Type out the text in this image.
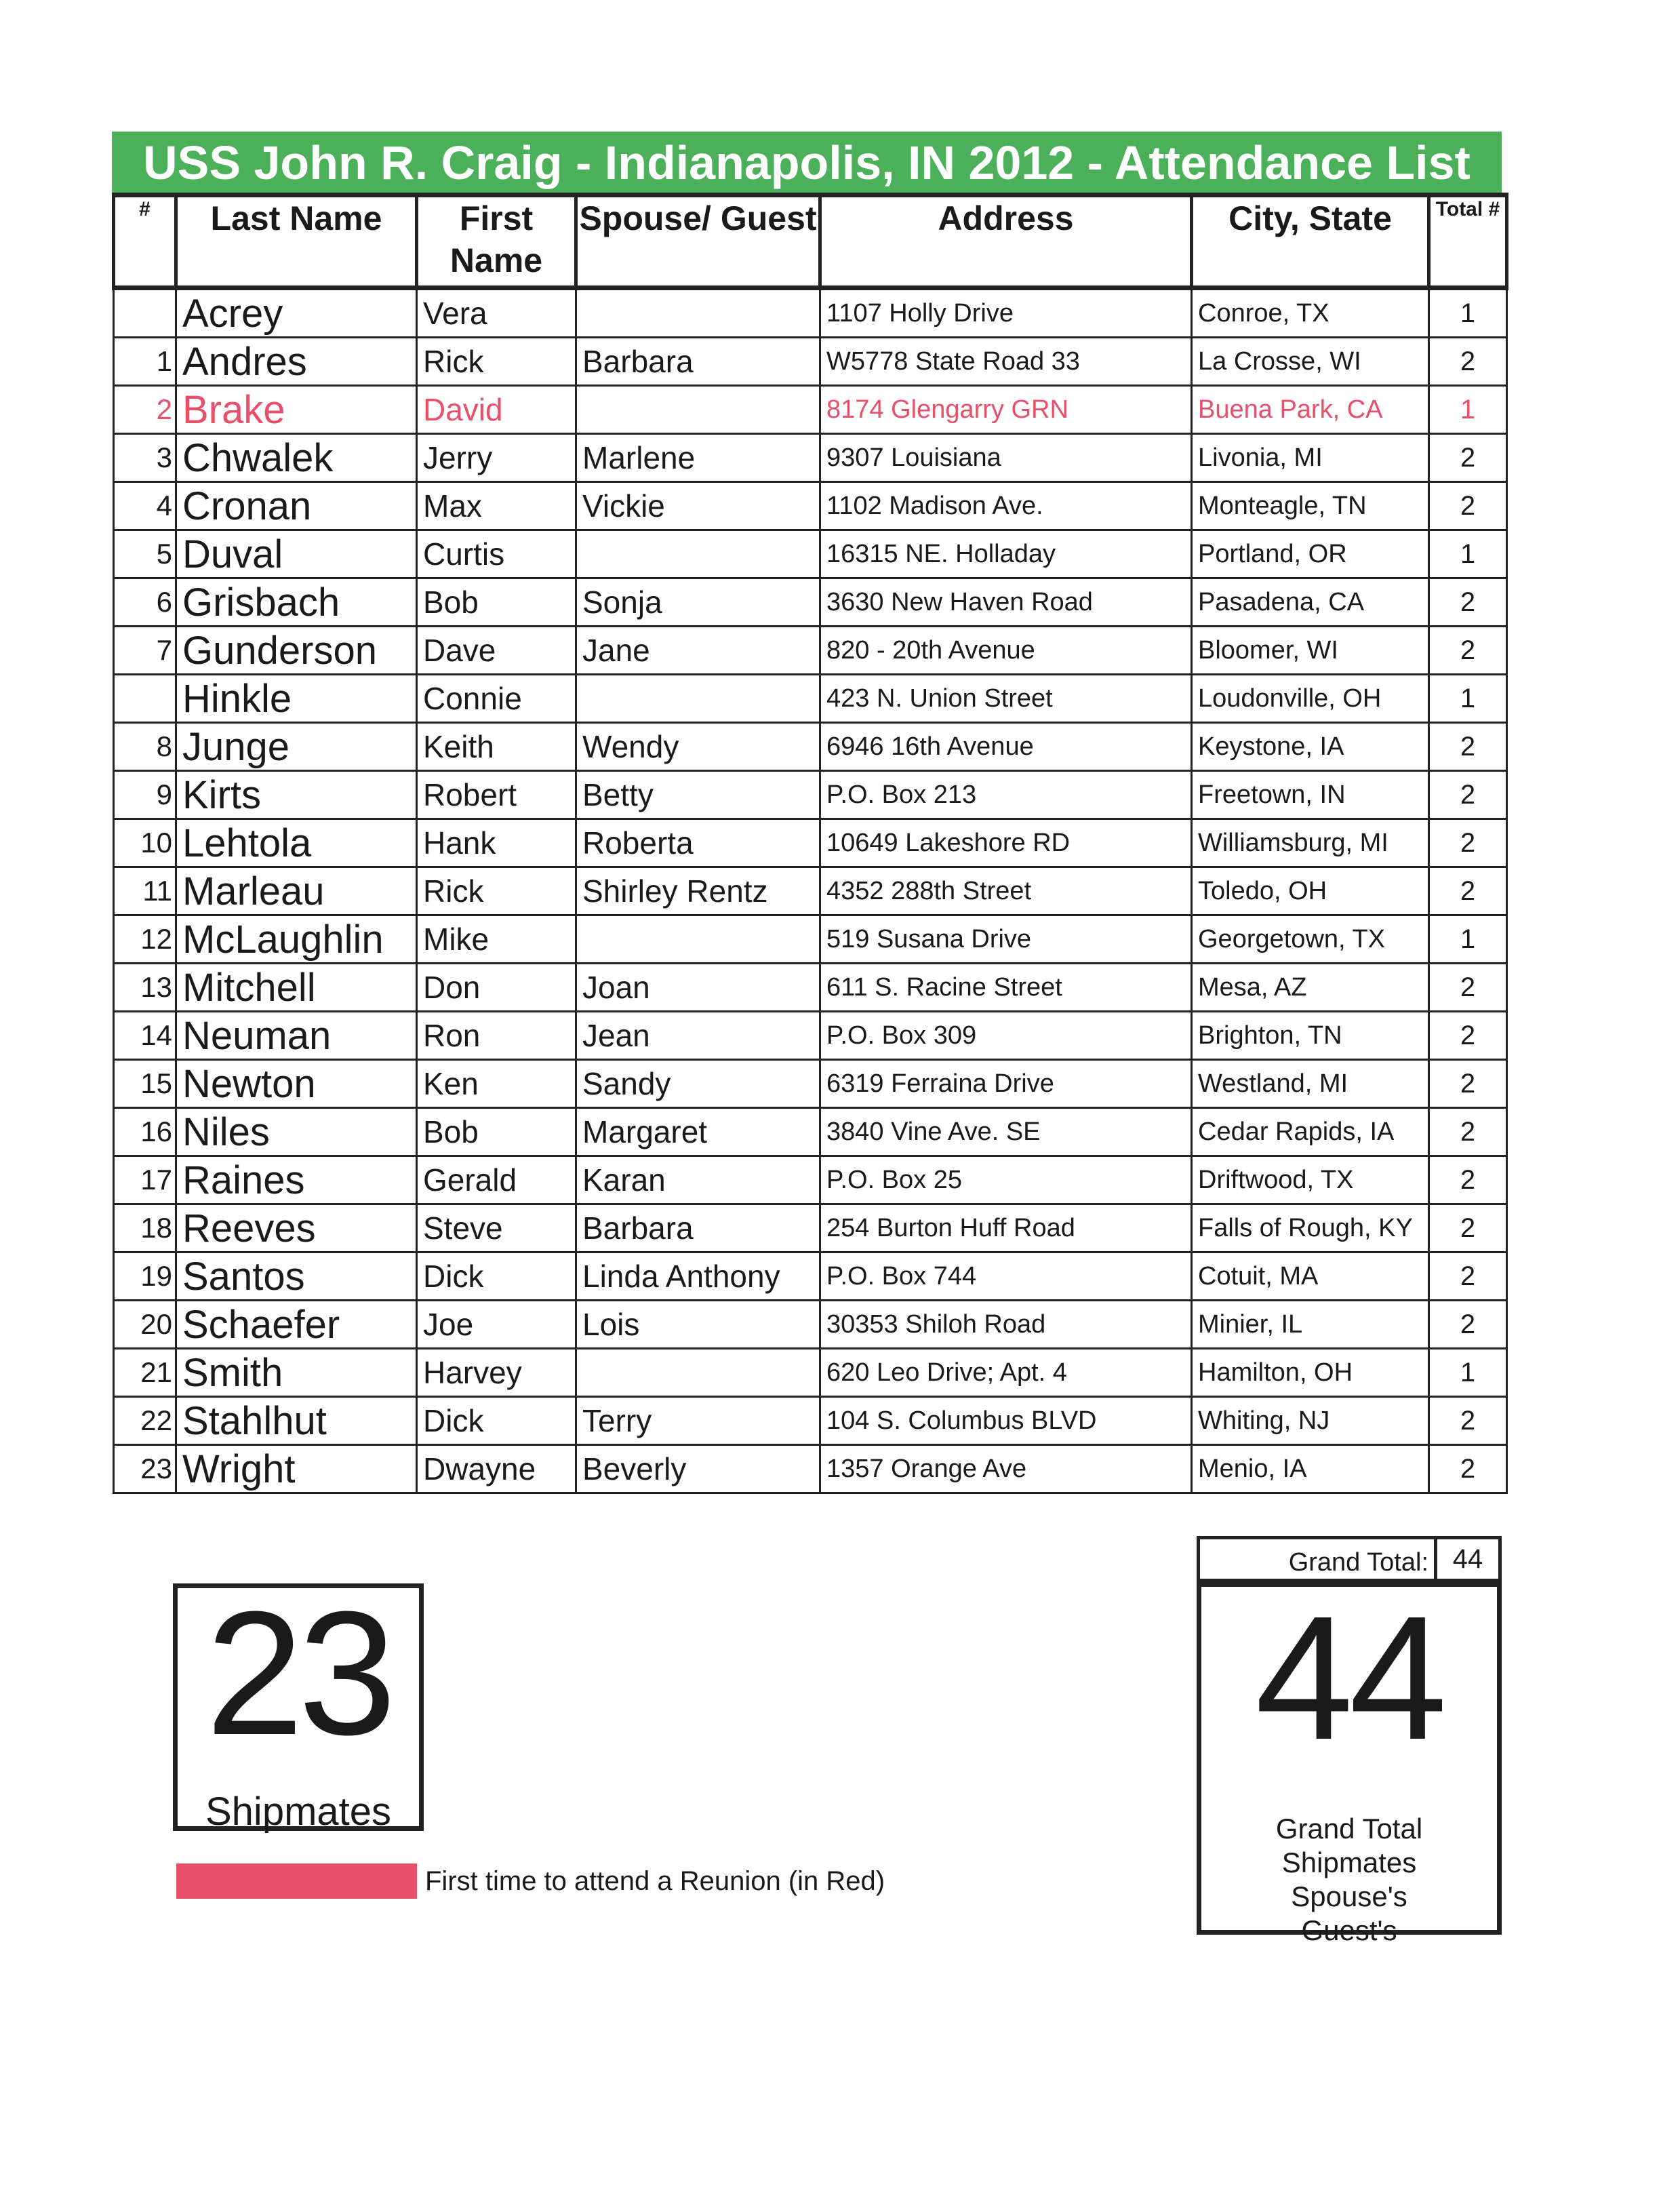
USS John R. Craig - Indianapolis, IN 2012 - Attendance List
#	Last Name	First Name	Spouse/ Guest	Address	City, State	Total #
	Acrey	Vera		1107 Holly Drive	Conroe, TX	1
1	Andres	Rick	Barbara	W5778 State Road 33	La Crosse, WI	2
2	Brake	David		8174 Glengarry GRN	Buena Park, CA	1
3	Chwalek	Jerry	Marlene	9307 Louisiana	Livonia, MI	2
4	Cronan	Max	Vickie	1102 Madison Ave.	Monteagle, TN	2
5	Duval	Curtis		16315 NE. Holladay	Portland, OR	1
6	Grisbach	Bob	Sonja	3630 New Haven Road	Pasadena, CA	2
7	Gunderson	Dave	Jane	820 - 20th Avenue	Bloomer, WI	2
	Hinkle	Connie		423 N. Union Street	Loudonville, OH	1
8	Junge	Keith	Wendy	6946 16th Avenue	Keystone, IA	2
9	Kirts	Robert	Betty	P.O. Box 213	Freetown, IN	2
10	Lehtola	Hank	Roberta	10649 Lakeshore RD	Williamsburg, MI	2
11	Marleau	Rick	Shirley Rentz	4352 288th Street	Toledo, OH	2
12	McLaughlin	Mike		519 Susana Drive	Georgetown, TX	1
13	Mitchell	Don	Joan	611 S. Racine Street	Mesa, AZ	2
14	Neuman	Ron	Jean	P.O. Box 309	Brighton, TN	2
15	Newton	Ken	Sandy	6319 Ferraina Drive	Westland, MI	2
16	Niles	Bob	Margaret	3840 Vine Ave. SE	Cedar Rapids, IA	2
17	Raines	Gerald	Karan	P.O. Box 25	Driftwood, TX	2
18	Reeves	Steve	Barbara	254 Burton Huff Road	Falls of Rough, KY	2
19	Santos	Dick	Linda Anthony	P.O. Box 744	Cotuit, MA	2
20	Schaefer	Joe	Lois	30353 Shiloh Road	Minier, IL	2
21	Smith	Harvey		620 Leo Drive; Apt. 4	Hamilton, OH	1
22	Stahlhut	Dick	Terry	104 S. Columbus BLVD	Whiting, NJ	2
23	Wright	Dwayne	Beverly	1357 Orange Ave	Menio, IA	2
Grand Total: 44
23
Shipmates
44
Grand Total
Shipmates
Spouse's
Guest's
First time to attend a Reunion (in Red)
